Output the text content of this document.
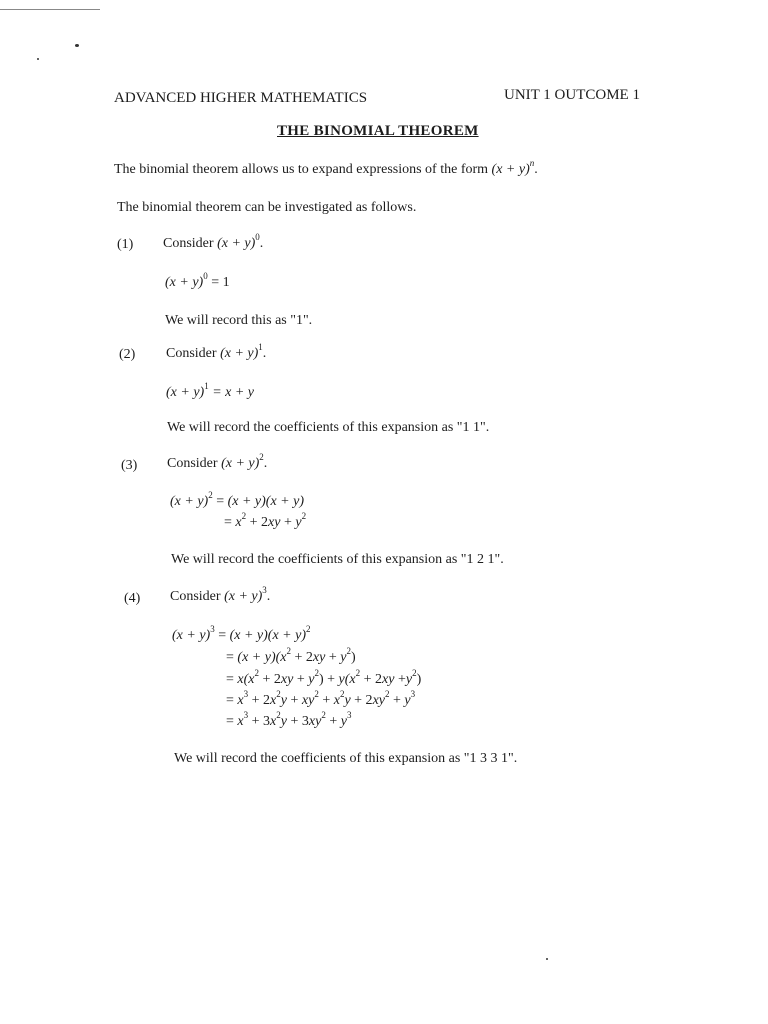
ADVANCED HIGHER MATHEMATICS	UNIT 1 OUTCOME 1
THE BINOMIAL THEOREM
The binomial theorem allows us to expand expressions of the form $(x + y)^n$.
The binomial theorem can be investigated as follows.
(1) Consider $(x + y)^0$.
$(x + y)^0 = 1$
We will record this as "1".
(2) Consider $(x + y)^1$.
$(x + y)^1 = x + y$
We will record the coefficients of this expansion as "1 1".
(3) Consider $(x + y)^2$.
$(x + y)^2 = (x + y)(x + y)$
= $x^2 + 2xy + y^2$
We will record the coefficients of this expansion as "1 2 1".
(4) Consider $(x + y)^3$.
$(x + y)^3 = (x + y)(x + y)^2$
= $(x + y)(x^2 + 2xy + y^2)$
= $x(x^2 + 2xy + y^2) + y(x^2 + 2xy +y^2)$
= $x^3 + 2x^2y + xy^2 + x^2y + 2xy^2 + y^3$
= $x^3 + 3x^2y + 3xy^2 + y^3$
We will record the coefficients of this expansion as "1 3 3 1".
